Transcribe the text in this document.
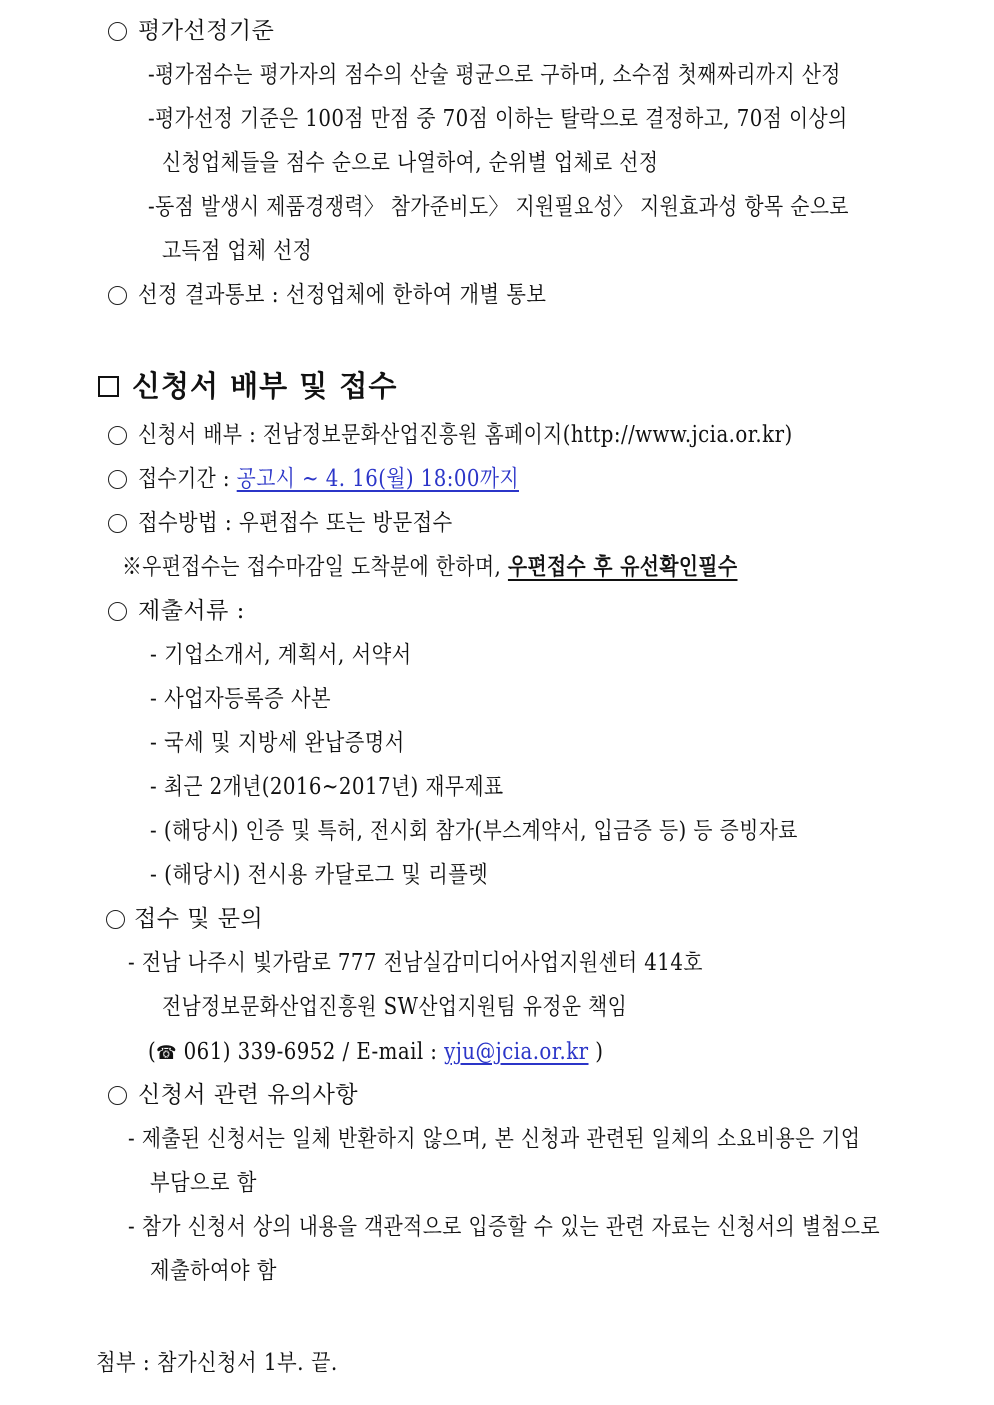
평가선정기준
-평가점수는 평가자의 점수의 산술 평균으로 구하며, 소수점 첫째짜리까지 산정
-평가선정 기준은 100점 만점 중 70점 이하는 탈락으로 결정하고, 70점 이상의
신청업체들을 점수 순으로 나열하여, 순위별 업체로 선정
-동점 발생시 제품경쟁력〉 참가준비도〉 지원필요성〉 지원효과성 항목 순으로
고득점 업체 선정
선정 결과통보 : 선정업체에 한하여 개별 통보
신청서 배부 및 접수
신청서 배부 : 전남정보문화산업진흥원 홈페이지(http://www.jcia.or.kr)
접수기간 : 공고시 ~ 4. 16(월) 18:00까지
접수방법 : 우편접수 또는 방문접수
※우편접수는 접수마감일 도착분에 한하며, 우편접수 후 유선확인필수
제출서류 :
- 기업소개서, 계획서, 서약서
- 사업자등록증 사본
- 국세 및 지방세 완납증명서
- 최근 2개년(2016~2017년) 재무제표
- (해당시) 인증 및 특허, 전시회 참가(부스계약서, 입금증 등) 등 증빙자료
- (해당시) 전시용 카달로그 및 리플렛
접수 및 문의
- 전남 나주시 빛가람로 777 전남실감미디어사업지원센터 414호
전남정보문화산업진흥원 SW산업지원팀 유정운 책임
(☎ 061) 339-6952 / E-mail : yju@jcia.or.kr )
신청서 관련 유의사항
- 제출된 신청서는 일체 반환하지 않으며, 본 신청과 관련된 일체의 소요비용은 기업
부담으로 함
- 참가 신청서 상의 내용을 객관적으로 입증할 수 있는 관련 자료는 신청서의 별첨으로
제출하여야 함
첨부 : 참가신청서 1부. 끝.
